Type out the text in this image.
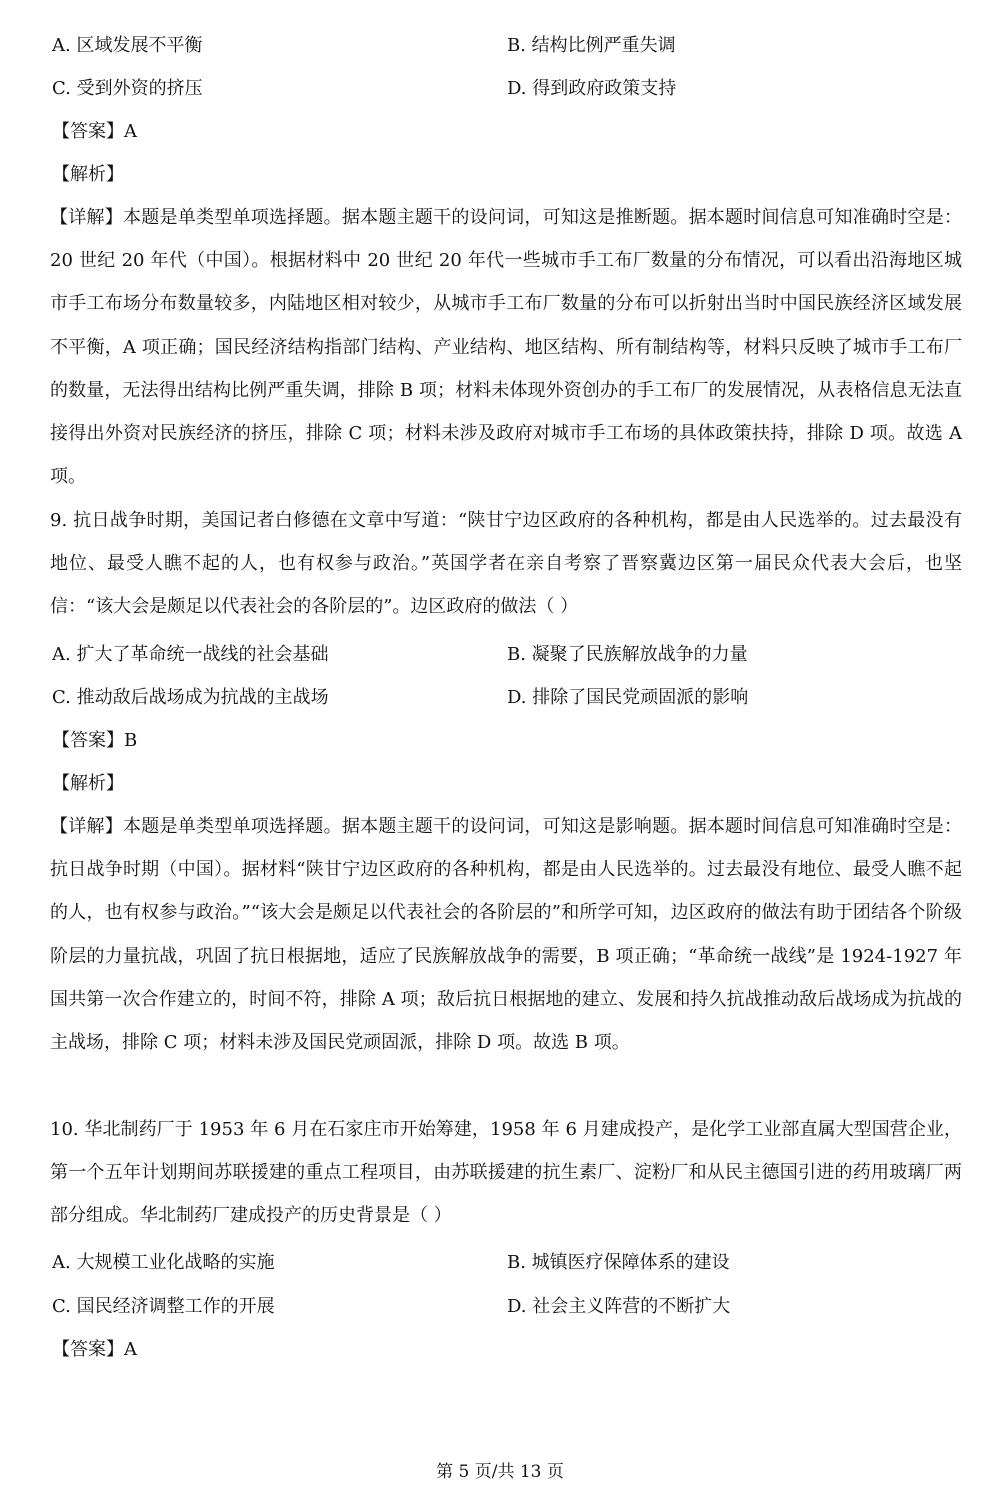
A. 区域发展不平衡	B. 结构比例严重失调
C. 受到外资的挤压	D. 得到政府政策支持
【答案】A
【解析】
【详解】本题是单类型单项选择题。据本题主题干的设问词，可知这是推断题。据本题时间信息可知准确时空是：20 世纪 20 年代（中国）。根据材料中 20 世纪 20 年代一些城市手工布厂数量的分布情况，可以看出沿海地区城市手工布场分布数量较多，内陆地区相对较少，从城市手工布厂数量的分布可以折射出当时中国民族经济区域发展不平衡，A 项正确；国民经济结构指部门结构、产业结构、地区结构、所有制结构等，材料只反映了城市手工布厂的数量，无法得出结构比例严重失调，排除 B 项；材料未体现外资创办的手工布厂的发展情况，从表格信息无法直接得出外资对民族经济的挤压，排除 C 项；材料未涉及政府对城市手工布场的具体政策扶持，排除 D 项。故选 A 项。
9. 抗日战争时期，美国记者白修德在文章中写道：“陕甘宁边区政府的各种机构，都是由人民选举的。过去最没有地位、最受人瞧不起的人，也有权参与政治。”英国学者在亲自考察了晋察冀边区第一届民众代表大会后，也坚信：“该大会是颇足以代表社会的各阶层的”。边区政府的做法（ ）
A. 扩大了革命统一战线的社会基础	B. 凝聚了民族解放战争的力量
C. 推动敌后战场成为抗战的主战场	D. 排除了国民党顽固派的影响
【答案】B
【解析】
【详解】本题是单类型单项选择题。据本题主题干的设问词，可知这是影响题。据本题时间信息可知准确时空是：抗日战争时期（中国）。据材料“陕甘宁边区政府的各种机构，都是由人民选举的。过去最没有地位、最受人瞧不起的人，也有权参与政治。”“该大会是颇足以代表社会的各阶层的”和所学可知，边区政府的做法有助于团结各个阶级阶层的力量抗战，巩固了抗日根据地，适应了民族解放战争的需要，B 项正确；“革命统一战线”是 1924-1927 年国共第一次合作建立的，时间不符，排除 A 项；敌后抗日根据地的建立、发展和持久抗战推动敌后战场成为抗战的主战场，排除 C 项；材料未涉及国民党顽固派，排除 D 项。故选 B 项。
10. 华北制药厂于 1953 年 6 月在石家庄市开始筹建，1958 年 6 月建成投产，是化学工业部直属大型国营企业，第一个五年计划期间苏联援建的重点工程项目，由苏联援建的抗生素厂、淀粉厂和从民主德国引进的药用玻璃厂两部分组成。华北制药厂建成投产的历史背景是（ ）
A. 大规模工业化战略的实施	B. 城镇医疗保障体系的建设
C. 国民经济调整工作的开展	D. 社会主义阵营的不断扩大
【答案】A
第 5 页/共 13 页
